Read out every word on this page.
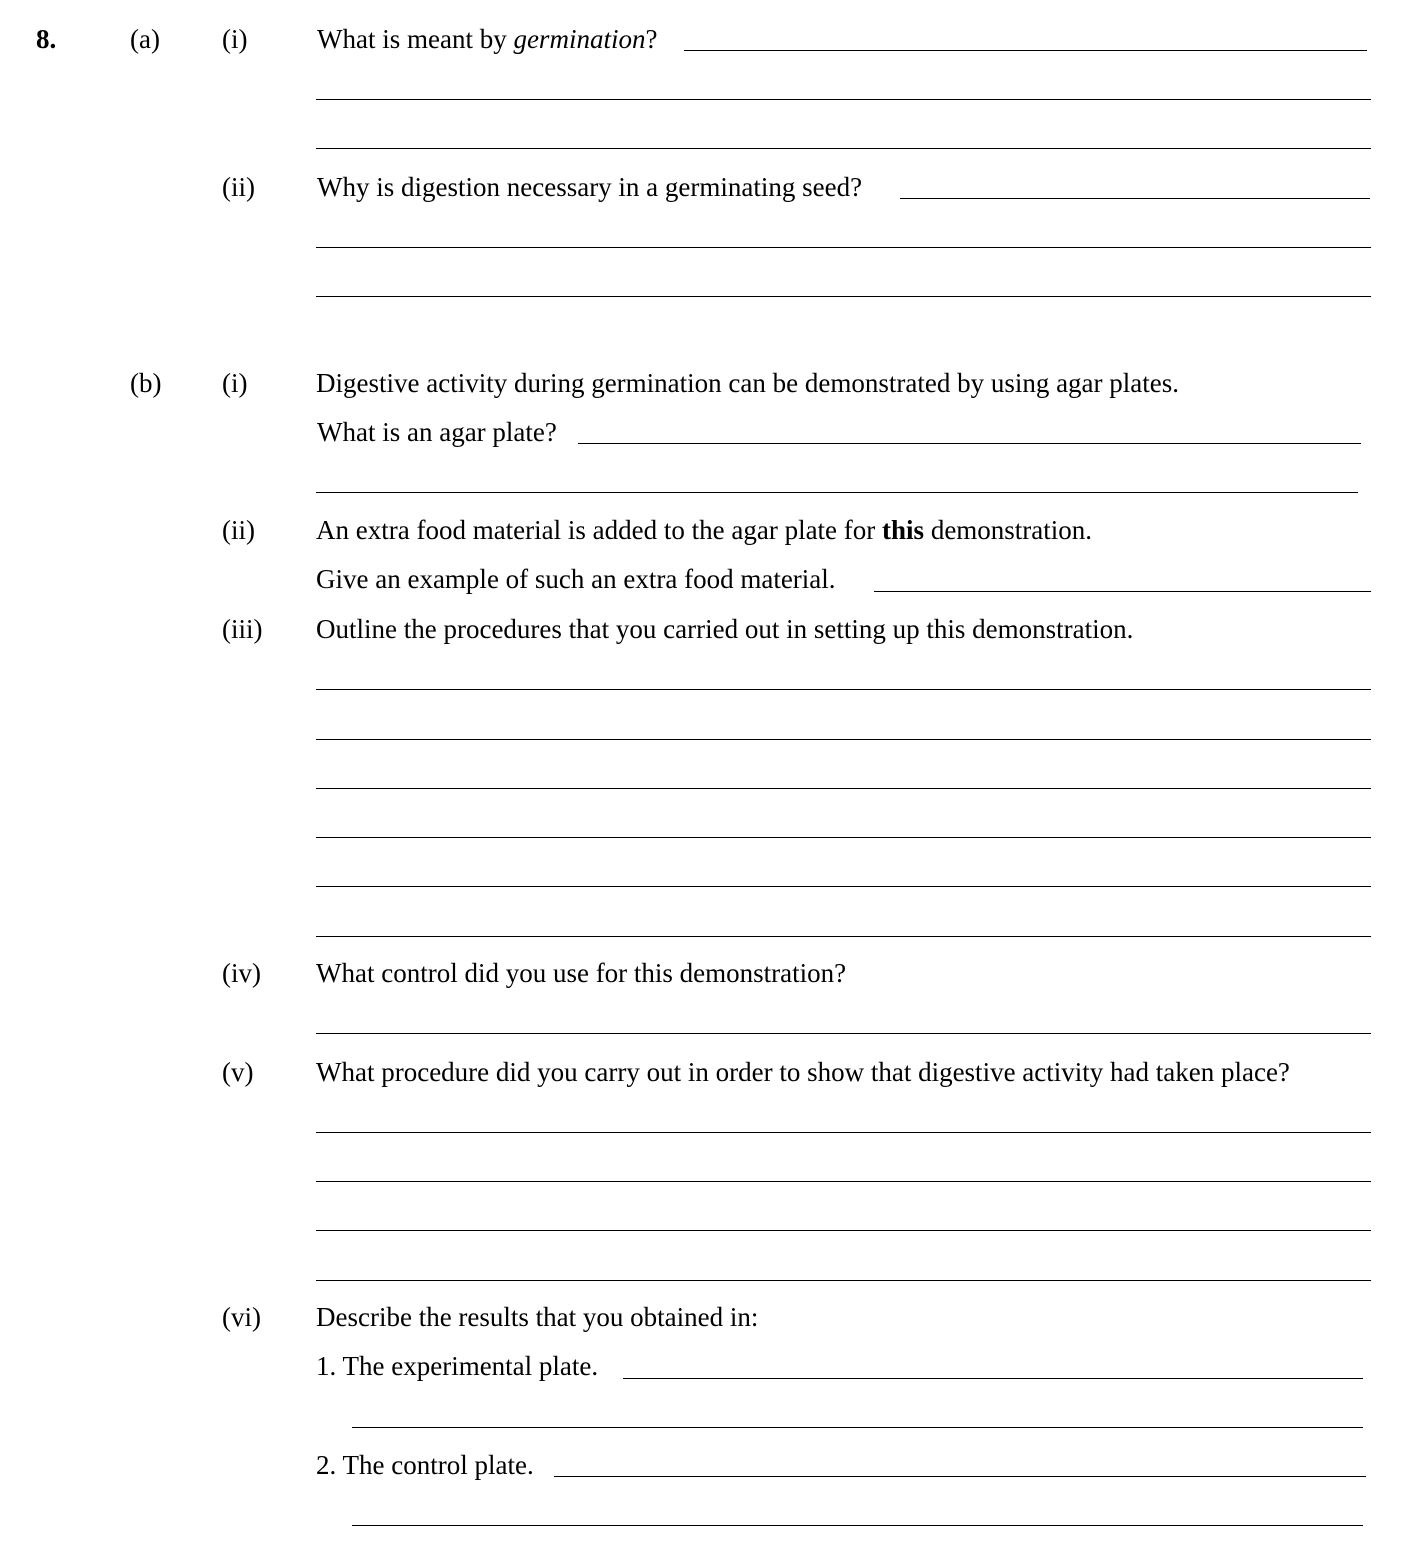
8.	(a) (i)	What is meant by germination?
(ii) Why is digestion necessary in a germinating seed?
(b) (i)	Digestive activity during germination can be demonstrated by using agar plates.
What is an agar plate?
(ii) An extra food material is added to the agar plate for this demonstration.
Give an example of such an extra food material.
(iii) Outline the procedures that you carried out in setting up this demonstration.
(iv) What control did you use for this demonstration?
(v) What procedure did you carry out in order to show that digestive activity had taken place?
(vi) Describe the results that you obtained in:
1. The experimental plate.
2. The control plate.
